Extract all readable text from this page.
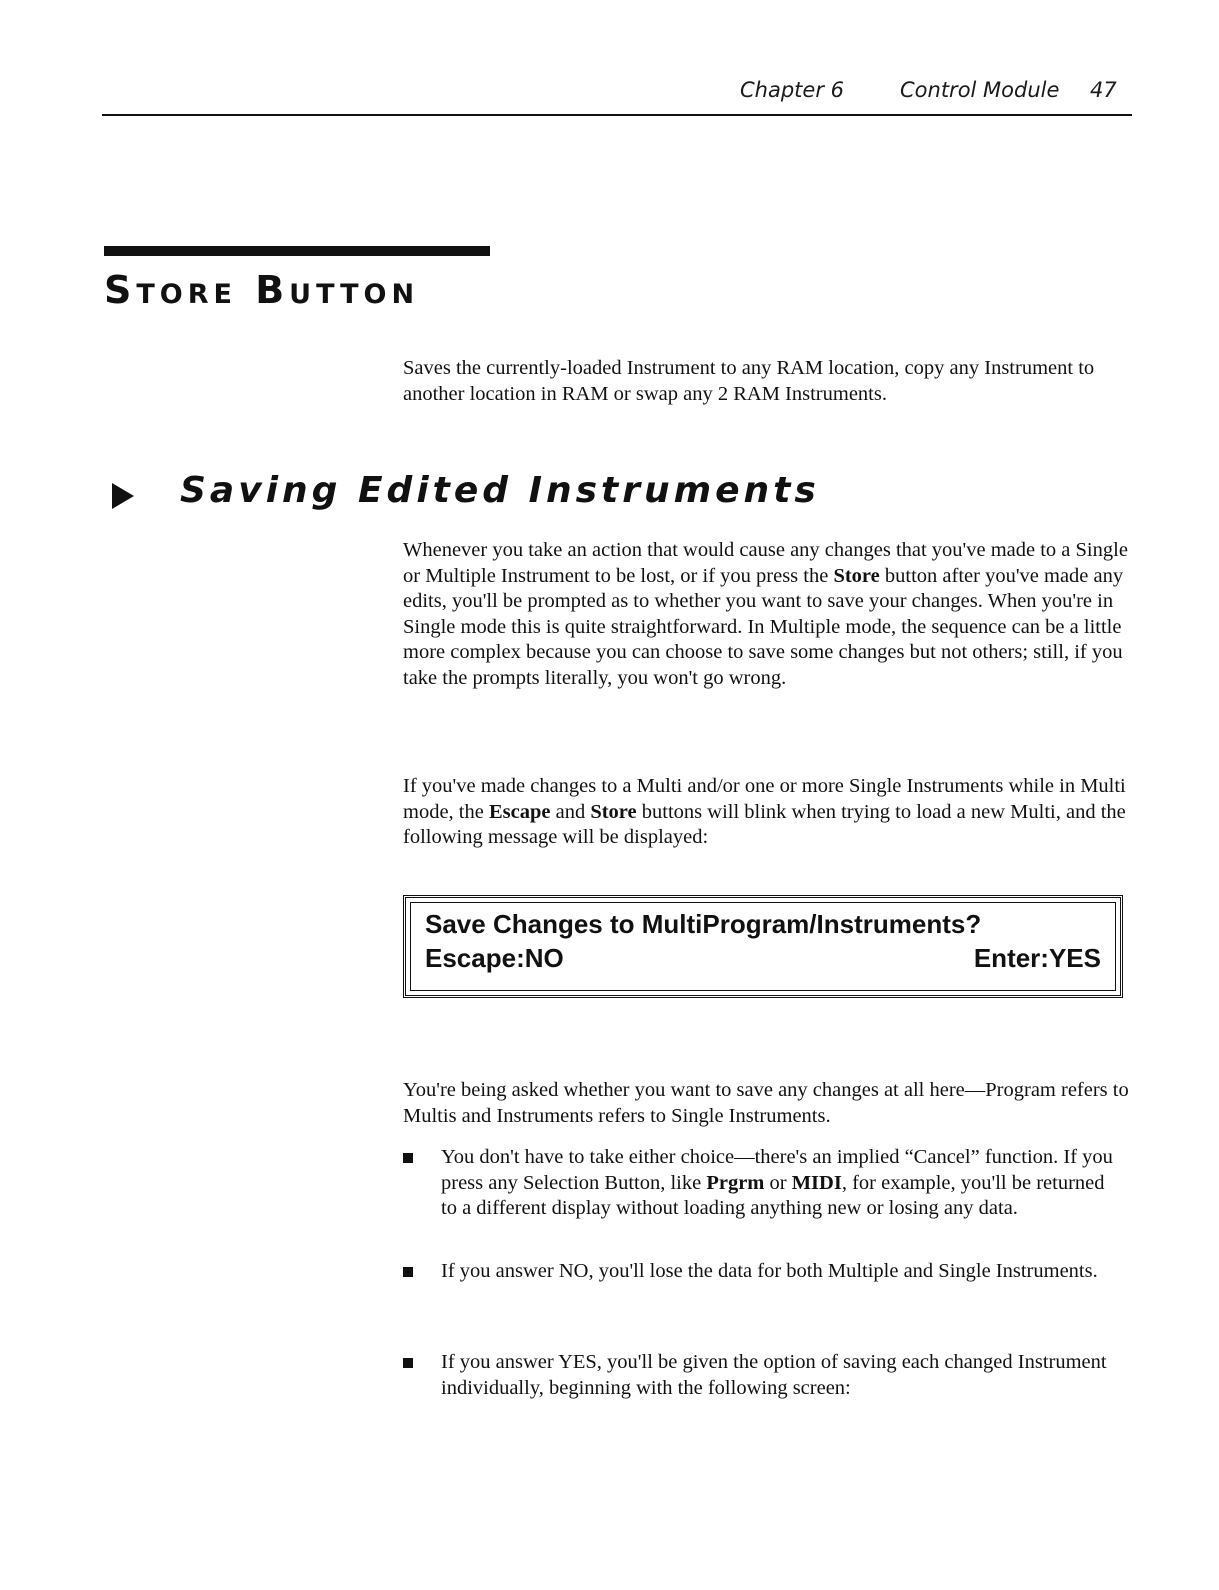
Chapter 6	Control Module 47
Store Button

Saves the currently-loaded Instrument to any RAM location, copy any Instrument to another location in RAM or swap any 2 RAM Instruments.

Saving Edited Instruments

Whenever you take an action that would cause any changes that you've made to a Single or Multiple Instrument to be lost, or if you press the Store button after you've made any edits, you'll be prompted as to whether you want to save your changes. When you're in Single mode this is quite straightforward. In Multiple mode, the sequence can be a little more complex because you can choose to save some changes but not others; still, if you take the prompts literally, you won't go wrong.

If you've made changes to a Multi and/or one or more Single Instruments while in Multi mode, the Escape and Store buttons will blink when trying to load a new Multi, and the following message will be displayed:

Save Changes to MultiProgram/Instruments?
Escape:NO	Enter:YES

You're being asked whether you want to save any changes at all here—Program refers to Multis and Instruments refers to Single Instruments.

You don't have to take either choice—there's an implied “Cancel” function. If you press any Selection Button, like Prgrm or MIDI, for example, you'll be returned to a different display without loading anything new or losing any data.
If you answer NO, you'll lose the data for both Multiple and Single Instruments.
If you answer YES, you'll be given the option of saving each changed Instrument individually, beginning with the following screen:
